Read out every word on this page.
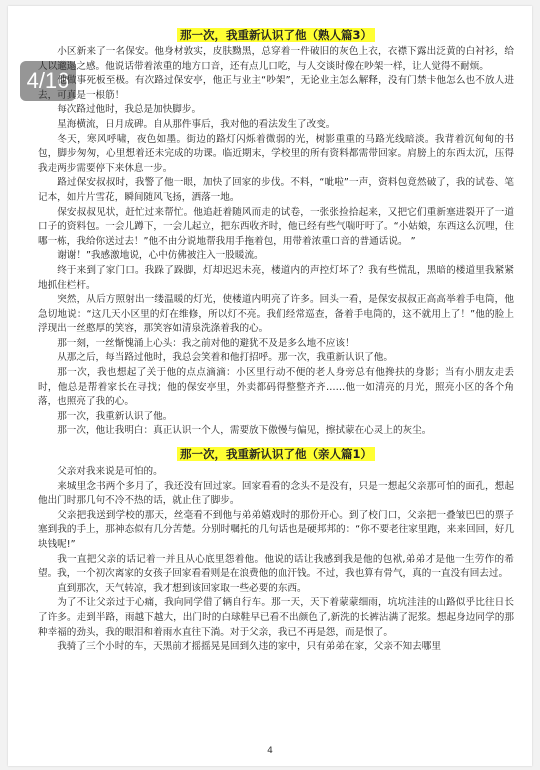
4/16
那一次，我重新认识了他（熟人篇3）

小区新来了一名保安。他身材敦实，皮肤黝黑，总穿着一件破旧的灰色上衣，衣襟下露出泛黄的白衬衫，给人以邋遢之感。他说话带着浓重的地方口音，还有点儿口吃，与人交谈时像在吵架一样，让人觉得不耐烦。

他做事死板至极。有次路过保安亭，他正与业主“吵架”，无论业主怎么解释，没有门禁卡他怎么也不放人进去，可真是一根筋！

每次路过他时，我总是加快脚步。

星海横流，日月成碑。自从那件事后，我对他的看法发生了改变。

冬天，寒风呼啸，夜色如墨。街边的路灯闪烁着微弱的光，树影重重的马路光线暗淡。我背着沉甸甸的书包，脚步匆匆，心里想着还未完成的功课。临近期末，学校里的所有资料都需带回家。肩膀上的东西太沉，压得我走两步需要停下来休息一步。

路过保安叔叔时，我警了他一眼，加快了回家的步伐。不料，“呲啦”一声，资料包竟然破了，我的试卷、笔记本，如片片雪花，瞬间随风飞扬，洒落一地。

保安叔叔见状，赶忙过来帮忙。他追赶着随风而走的试卷，一张张捡拾起来，又把它们重新塞进裂开了一道口子的资料包。一会儿蹲下，一会儿起立，把东西收齐时，他已经有些气喘吁吁了。“小姑娘，东西这么沉哩，住哪一栋，我给你送过去！”他不由分说地帮我用手拖着包，用带着浓重口音的普通话说。 ”

谢谢！”我感激地说，心中仿佛被注入一股暖流。

终于来到了家门口。我跺了跺脚，灯却迟迟未亮，楼道内的声控灯坏了？我有些慌乱，黑暗的楼道里我紧紧地抓住栏杆。

突然，从后方照射出一缕温暖的灯光，使楼道内明亮了许多。回头一看，是保安叔叔正高高举着手电筒，他急切地说：“这几天小区里的灯在维修，所以灯不亮。我们经常巡查，备着手电筒的，这不就用上了！”他的脸上浮现出一丝憨厚的笑容，那笑容如清泉洗涤着我的心。

那一刻，一丝惭愧涌上心头：我之前对他的避犹不及是多么地不应该！

从那之后，每当路过他时，我总会笑着和他打招呼。那一次，我重新认识了他。

那一次，我也想起了关于他的点点滴滴：小区里行动不便的老人身旁总有他搀扶的身影；当有小朋友走丢时，他总是帮着家长在寻找；他的保安亭里，外卖都码得整整齐齐……他一如清亮的月光，照亮小区的各个角落，也照亮了我的心。

那一次，我重新认识了他。

那一次，他让我明白：真正认识一个人，需要放下傲慢与偏见，擦拭蒙在心灵上的灰尘。

那一次，我重新认识了他（亲人篇1）

父亲对我来说是可怕的。

来城里念书两个多月了，我还没有回过家。回家看看的念头不是没有，只是一想起父亲那可怕的面孔，想起他出门时那几句不冷不热的话，就止住了脚步。

父亲把我送到学校的那天，丝毫看不到他与弟弟嬉戏时的那份开心。到了校门口，父亲把一叠皱巴巴的票子塞到我的手上，那神态似有几分苦楚。分别时嘱托的几句话也是硬邦邦的：“你不要老往家里跑，来来回回，好几块钱呢!”

我一直把父亲的话记着一并且从心底里怨着他。他说的话让我感到我是他的包袱,弟弟才是他一生劳作的希望。我，一个初次离家的女孩子回家看看则是在浪费他的血汗钱。不过，我也算有骨气，真的一直没有回去过。

直到那次，天气转凉，我才想到该回家取一些必要的东西。

为了不让父亲过于心痛，我向同学借了辆自行车。那一天，天下着蒙蒙细雨，坑坑洼洼的山路似乎比往日长了许多。走到半路，雨越下越大，出门时的白球鞋早已看不出颜色了,新洗的长裤沾满了泥浆。想起身边同学的那种幸福的劲头，我的眼泪和着雨水直往下淌。对于父亲，我已不再是怨，而是恨了。

我骑了三个小时的车，天黑前才摇摇晃晃回到久违的家中，只有弟弟在家，父亲不知去哪里

4
